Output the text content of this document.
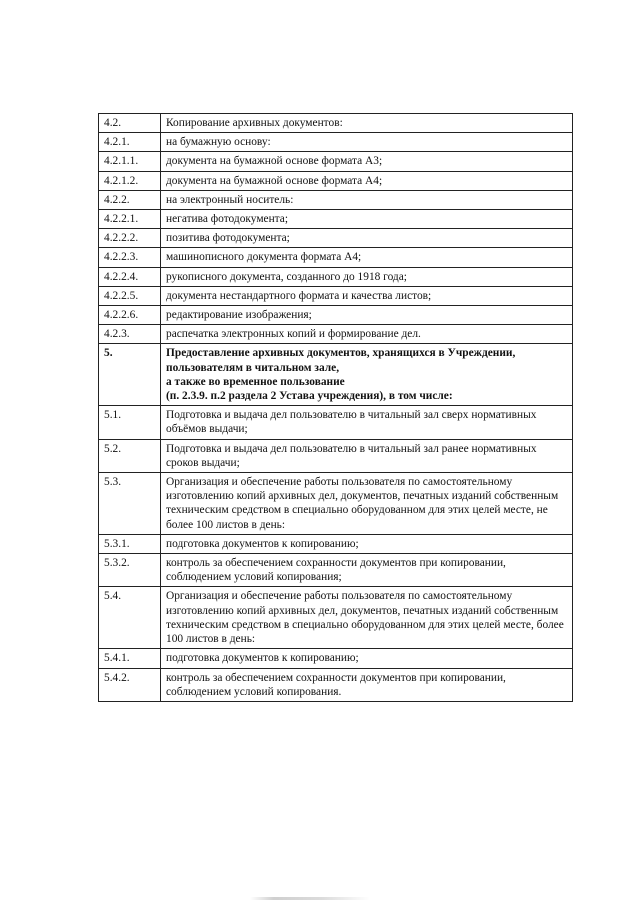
4.2.	Копирование архивных документов:
4.2.1.	на бумажную основу:
4.2.1.1.	документа на бумажной основе формата А3;
4.2.1.2.	документа на бумажной основе формата А4;
4.2.2.	на электронный носитель:
4.2.2.1.	негатива фотодокумента;
4.2.2.2.	позитива фотодокумента;
4.2.2.3.	машинописного документа формата А4;
4.2.2.4.	рукописного документа, созданного до 1918 года;
4.2.2.5.	документа нестандартного формата и качества листов;
4.2.2.6.	редактирование изображения;
4.2.3.	распечатка электронных копий и формирование дел.
5.	Предоставление архивных документов, хранящихся в Учреждении, пользователям в читальном зале,
а также во временное пользование
(п. 2.3.9. п.2 раздела 2 Устава учреждения), в том числе:
5.1.	Подготовка и выдача дел пользователю в читальный зал сверх нормативных объёмов выдачи;
5.2.	Подготовка и выдача дел пользователю в читальный зал ранее нормативных сроков выдачи;
5.3.	Организация и обеспечение работы пользователя по самостоятельному изготовлению копий архивных дел, документов, печатных изданий собственным техническим средством в специально оборудованном для этих целей месте, не более 100 листов в день:
5.3.1.	подготовка документов к копированию;
5.3.2.	контроль за обеспечением сохранности документов при копировании, соблюдением условий копирования;
5.4.	Организация и обеспечение работы пользователя по самостоятельному изготовлению копий архивных дел, документов, печатных изданий собственным техническим средством в специально оборудованном для этих целей месте, более 100 листов в день:
5.4.1.	подготовка документов к копированию;
5.4.2.	контроль за обеспечением сохранности документов при копировании, соблюдением условий копирования.
